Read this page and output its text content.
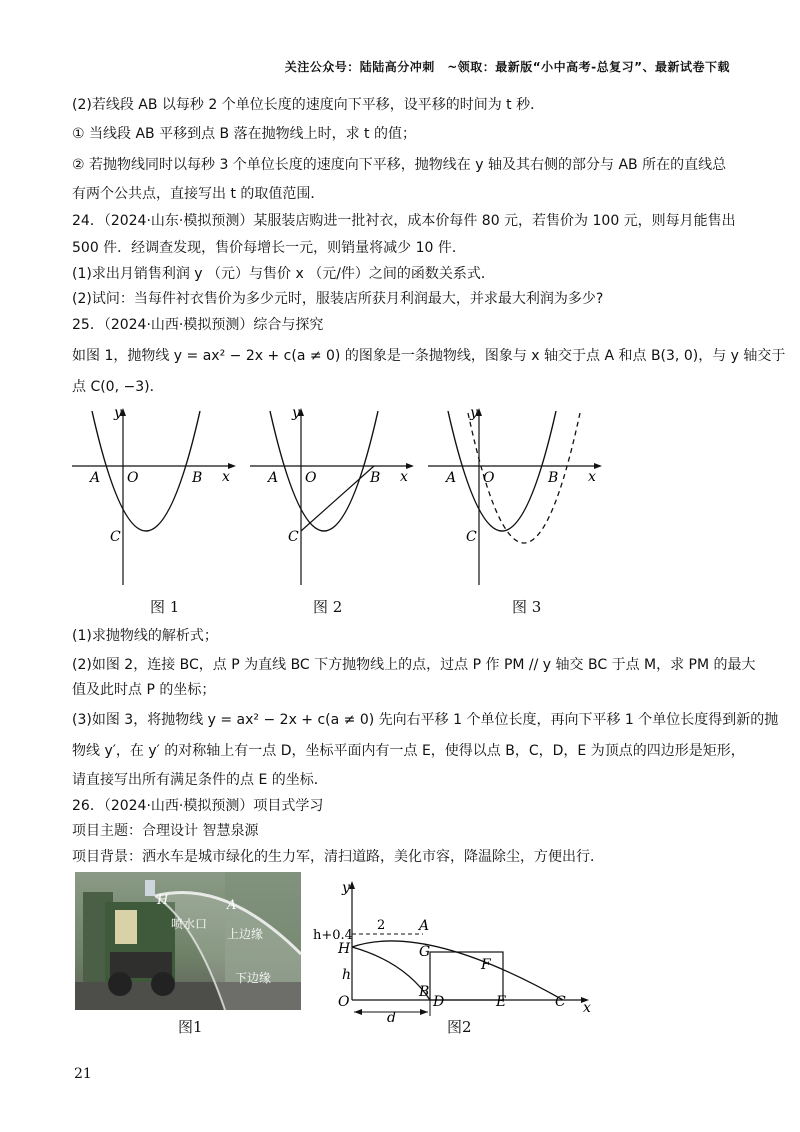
关注公众号：陆陆高分冲刺　~领取：最新版“小中高考-总复习”、最新试卷下载
(2)若线段 AB 以每秒 2 个单位长度的速度向下平移，设平移的时间为 t 秒．
① 当线段 AB 平移到点 B 落在抛物线上时，求 t 的值；
② 若抛物线同时以每秒 3 个单位长度的速度向下平移，抛物线在 y 轴及其右侧的部分与 AB 所在的直线总
有两个公共点，直接写出 t 的取值范围．
24．（2024·山东·模拟预测）某服装店购进一批衬衣，成本价每件 80 元，若售价为 100 元，则每月能售出
500 件．经调查发现，售价每增长一元，则销量将减少 10 件．
(1)求出月销售利润 y （元）与售价 x （元/件）之间的函数关系式．
(2)试问：当每件衬衣售价为多少元时，服装店所获月利润最大，并求最大利润为多少?
25．（2024·山西·模拟预测）综合与探究
如图 1，抛物线 y = ax² − 2x + c(a ≠ 0) 的图象是一条抛物线，图象与 x 轴交于点 A 和点 B(3, 0)，与 y 轴交于
点 C(0, −3)．
y
x
A O	B
C
图 1
y
x
A O	B
C
图 2
y
x
A O	B
C
图 3
(1)求抛物线的解析式；
(2)如图 2，连接 BC，点 P 为直线 BC 下方抛物线上的点，过点 P 作 PM // y 轴交 BC 于点 M，求 PM 的最大
值及此时点 P 的坐标；
(3)如图 3，将抛物线 y = ax² − 2x + c(a ≠ 0) 先向右平移 1 个单位长度，再向下平移 1 个单位长度得到新的抛
物线 y′，在 y′ 的对称轴上有一点 D，坐标平面内有一点 E，使得以点 B，C，D，E 为顶点的四边形是矩形，
请直接写出所有满足条件的点 E 的坐标．
26．（2024·山西·模拟预测）项目式学习
项目主题：合理设计 智慧泉源
项目背景：洒水车是城市绿化的生力军，清扫道路，美化市容，降温除尘，方便出行．
H	A
喷水口
上边缘
下边缘
图1
y
x
h+0.4
2 A
H	G
F
h
B
O	D	E	C
d	图2
21
